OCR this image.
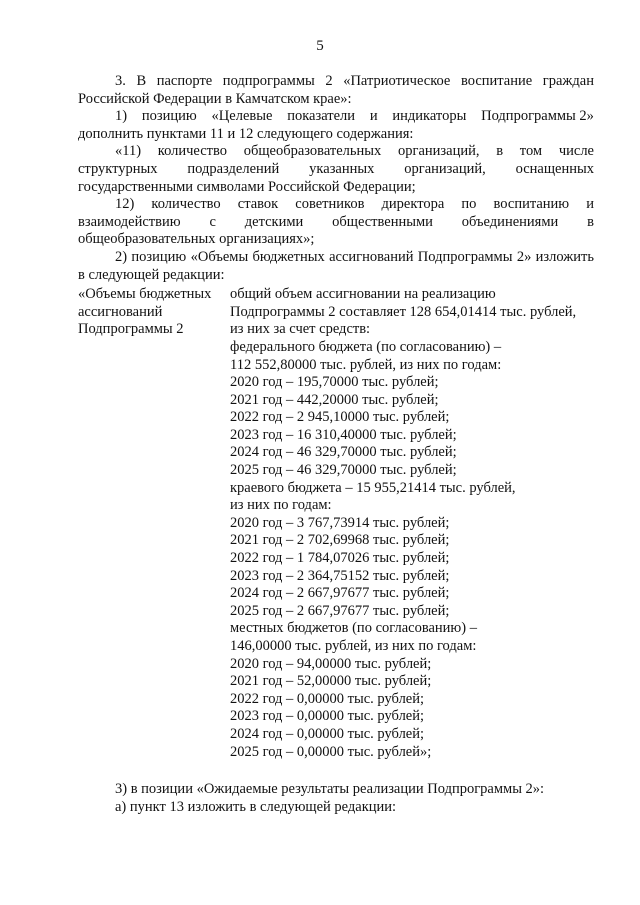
5

3. В паспорте подпрограммы 2 «Патриотическое воспитание граждан Российской Федерации в Камчатском крае»:

1) позицию «Целевые показатели и индикаторы Подпрограммы 2»

дополнить пунктами 11 и 12 следующего содержания:

«11) количество общеобразовательных организаций, в том числе структурных подразделений указанных организаций, оснащенных государственными символами Российской Федерации;

12) количество ставок советников директора по воспитанию и взаимодействию с детскими общественными объединениями в общеобразовательных организациях»;

2) позицию «Объемы бюджетных ассигнований Подпрограммы 2» изложить в следующей редакции:

«Объемы бюджетных
ассигнований
Подпрограммы 2
общий объем ассигновании на реализацию
Подпрограммы 2 составляет 128 654,01414 тыс. рублей,
из них за счет средств:
федерального бюджета (по согласованию) –
112 552,80000 тыс. рублей, из них по годам:
2020 год – 195,70000 тыс. рублей;
2021 год – 442,20000 тыс. рублей;
2022 год – 2 945,10000 тыс. рублей;
2023 год – 16 310,40000 тыс. рублей;
2024 год – 46 329,70000 тыс. рублей;
2025 год – 46 329,70000 тыс. рублей;
краевого бюджета – 15 955,21414 тыс. рублей,
из них по годам:
2020 год – 3 767,73914 тыс. рублей;
2021 год – 2 702,69968 тыс. рублей;
2022 год – 1 784,07026 тыс. рублей;
2023 год – 2 364,75152 тыс. рублей;
2024 год – 2 667,97677 тыс. рублей;
2025 год – 2 667,97677 тыс. рублей;
местных бюджетов (по согласованию) –
146,00000 тыс. рублей, из них по годам:
2020 год – 94,00000 тыс. рублей;
2021 год – 52,00000 тыс. рублей;
2022 год – 0,00000 тыс. рублей;
2023 год – 0,00000 тыс. рублей;
2024 год – 0,00000 тыс. рублей;
2025 год – 0,00000 тыс. рублей»;

3) в позиции «Ожидаемые результаты реализации Подпрограммы 2»:

а) пункт 13 изложить в следующей редакции:
